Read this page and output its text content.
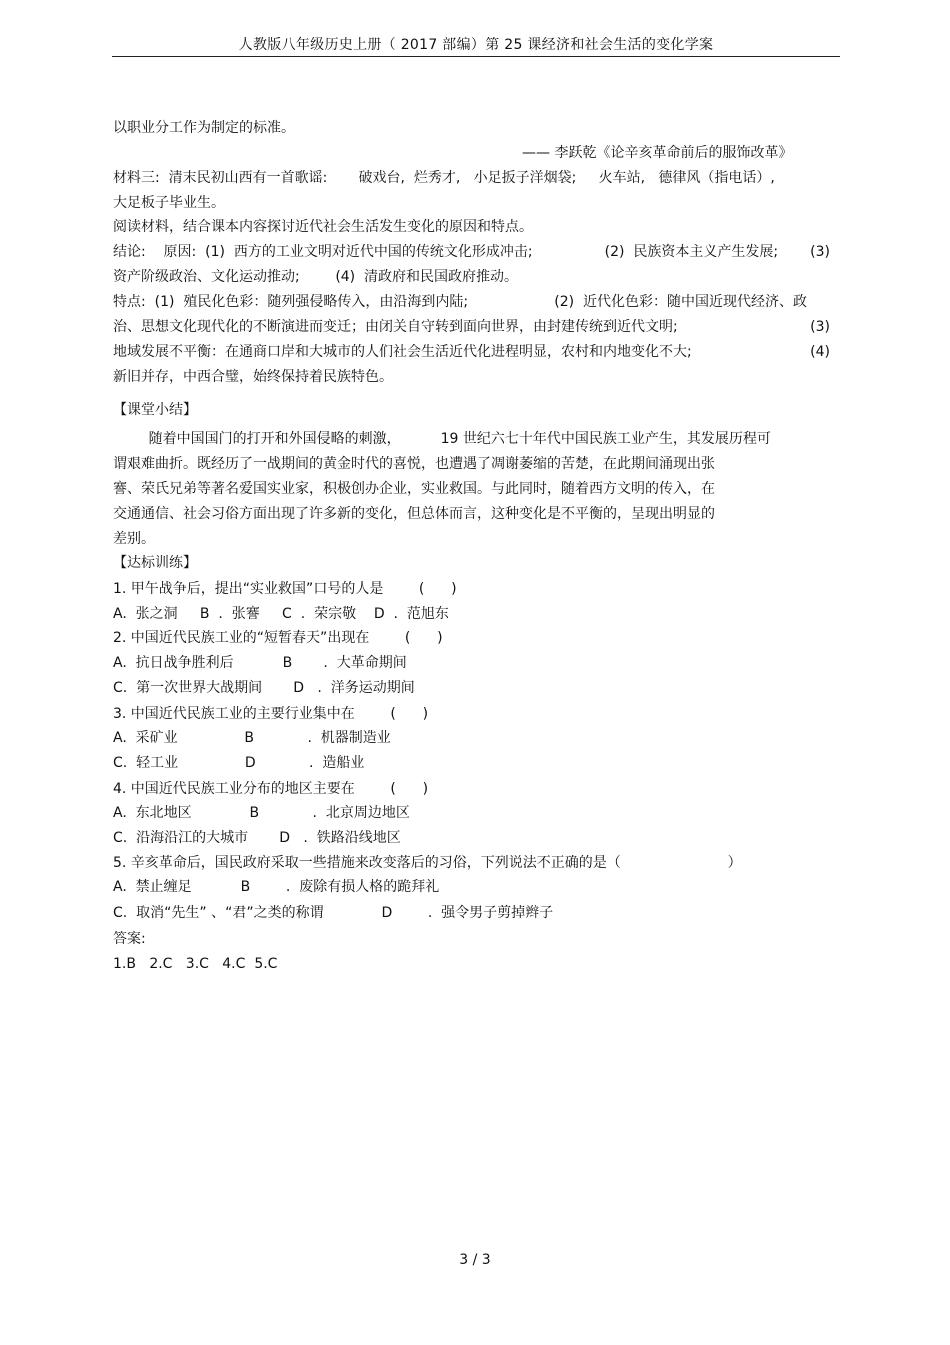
人教版八年级历史上册（ 2017 部编）第 25 课经济和社会生活的变化学案
以职业分工作为制定的标准。
—— 李跃乾《论辛亥革命前后的服饰改革》
材料三:  清末民初山西有一首歌谣:       破戏台,  烂秀才,   小足扳子洋烟袋;     火车站,   德律风（指电话）,
大足板子毕业生。
阅读材料，结合课本内容探讨近代社会生活发生变化的原因和特点。
结论:    原因:  (1)  西方的工业文明对近代中国的传统文化形成冲击;	(2)  民族资本主义产生发展; (3)
资产阶级政治、文化运动推动;        (4)  清政府和民国政府推动。
特点:  (1)  殖民化色彩：随列强侵略传入，由沿海到内陆;	(2)  近代化色彩：随中国近现代经济、政
治、思想文化现代化的不断演进而变迁；由闭关自守转到面向世界，由封建传统到近代文明;	(3)
地域发展不平衡：在通商口岸和大城市的人们社会生活近代化进程明显，农村和内地变化不大;	(4)
新旧并存，中西合璧，始终保持着民族特色。
【课堂小结】
随着中国国门的打开和外国侵略的刺激，         19 世纪六七十年代中国民族工业产生，其发展历程可
谓艰难曲折。既经历了一战期间的黄金时代的喜悦，也遭遇了凋谢萎缩的苦楚，在此期间涌现出张
謇、荣氏兄弟等著名爱国实业家，积极创办企业，实业救国。与此同时，随着西方文明的传入，在
交通通信、社会习俗方面出现了许多新的变化，但总体而言，这种变化是不平衡的，呈现出明显的
差别。
【达标训练】
1. 甲午战争后，提出“实业救国”口号的人是        (      )
A.  张之洞     B  .  张謇     C  .  荣宗敬    D  .  范旭东
2. 中国近代民族工业的“短暂春天”出现在        (      )
A.  抗日战争胜利后           B       .  大革命期间
C.  第一次世界大战期间       D   .  洋务运动期间
3. 中国近代民族工业的主要行业集中在        (      )
A.  采矿业               B            .  机器制造业
C.  轻工业               D            .  造船业
4. 中国近代民族工业分布的地区主要在        (      )
A.  东北地区             B            .  北京周边地区
C.  沿海沿江的大城市       D   .  铁路沿线地区
5. 辛亥革命后，国民政府采取一些措施来改变落后的习俗，下列说法不正确的是（                        ）
A.  禁止缠足           B        .  废除有损人格的跪拜礼
C.  取消“先生” 、“君”之类的称谓             D        .  强令男子剪掉辫子
答案:
1.B   2.C   3.C   4.C  5.C
3 / 3
